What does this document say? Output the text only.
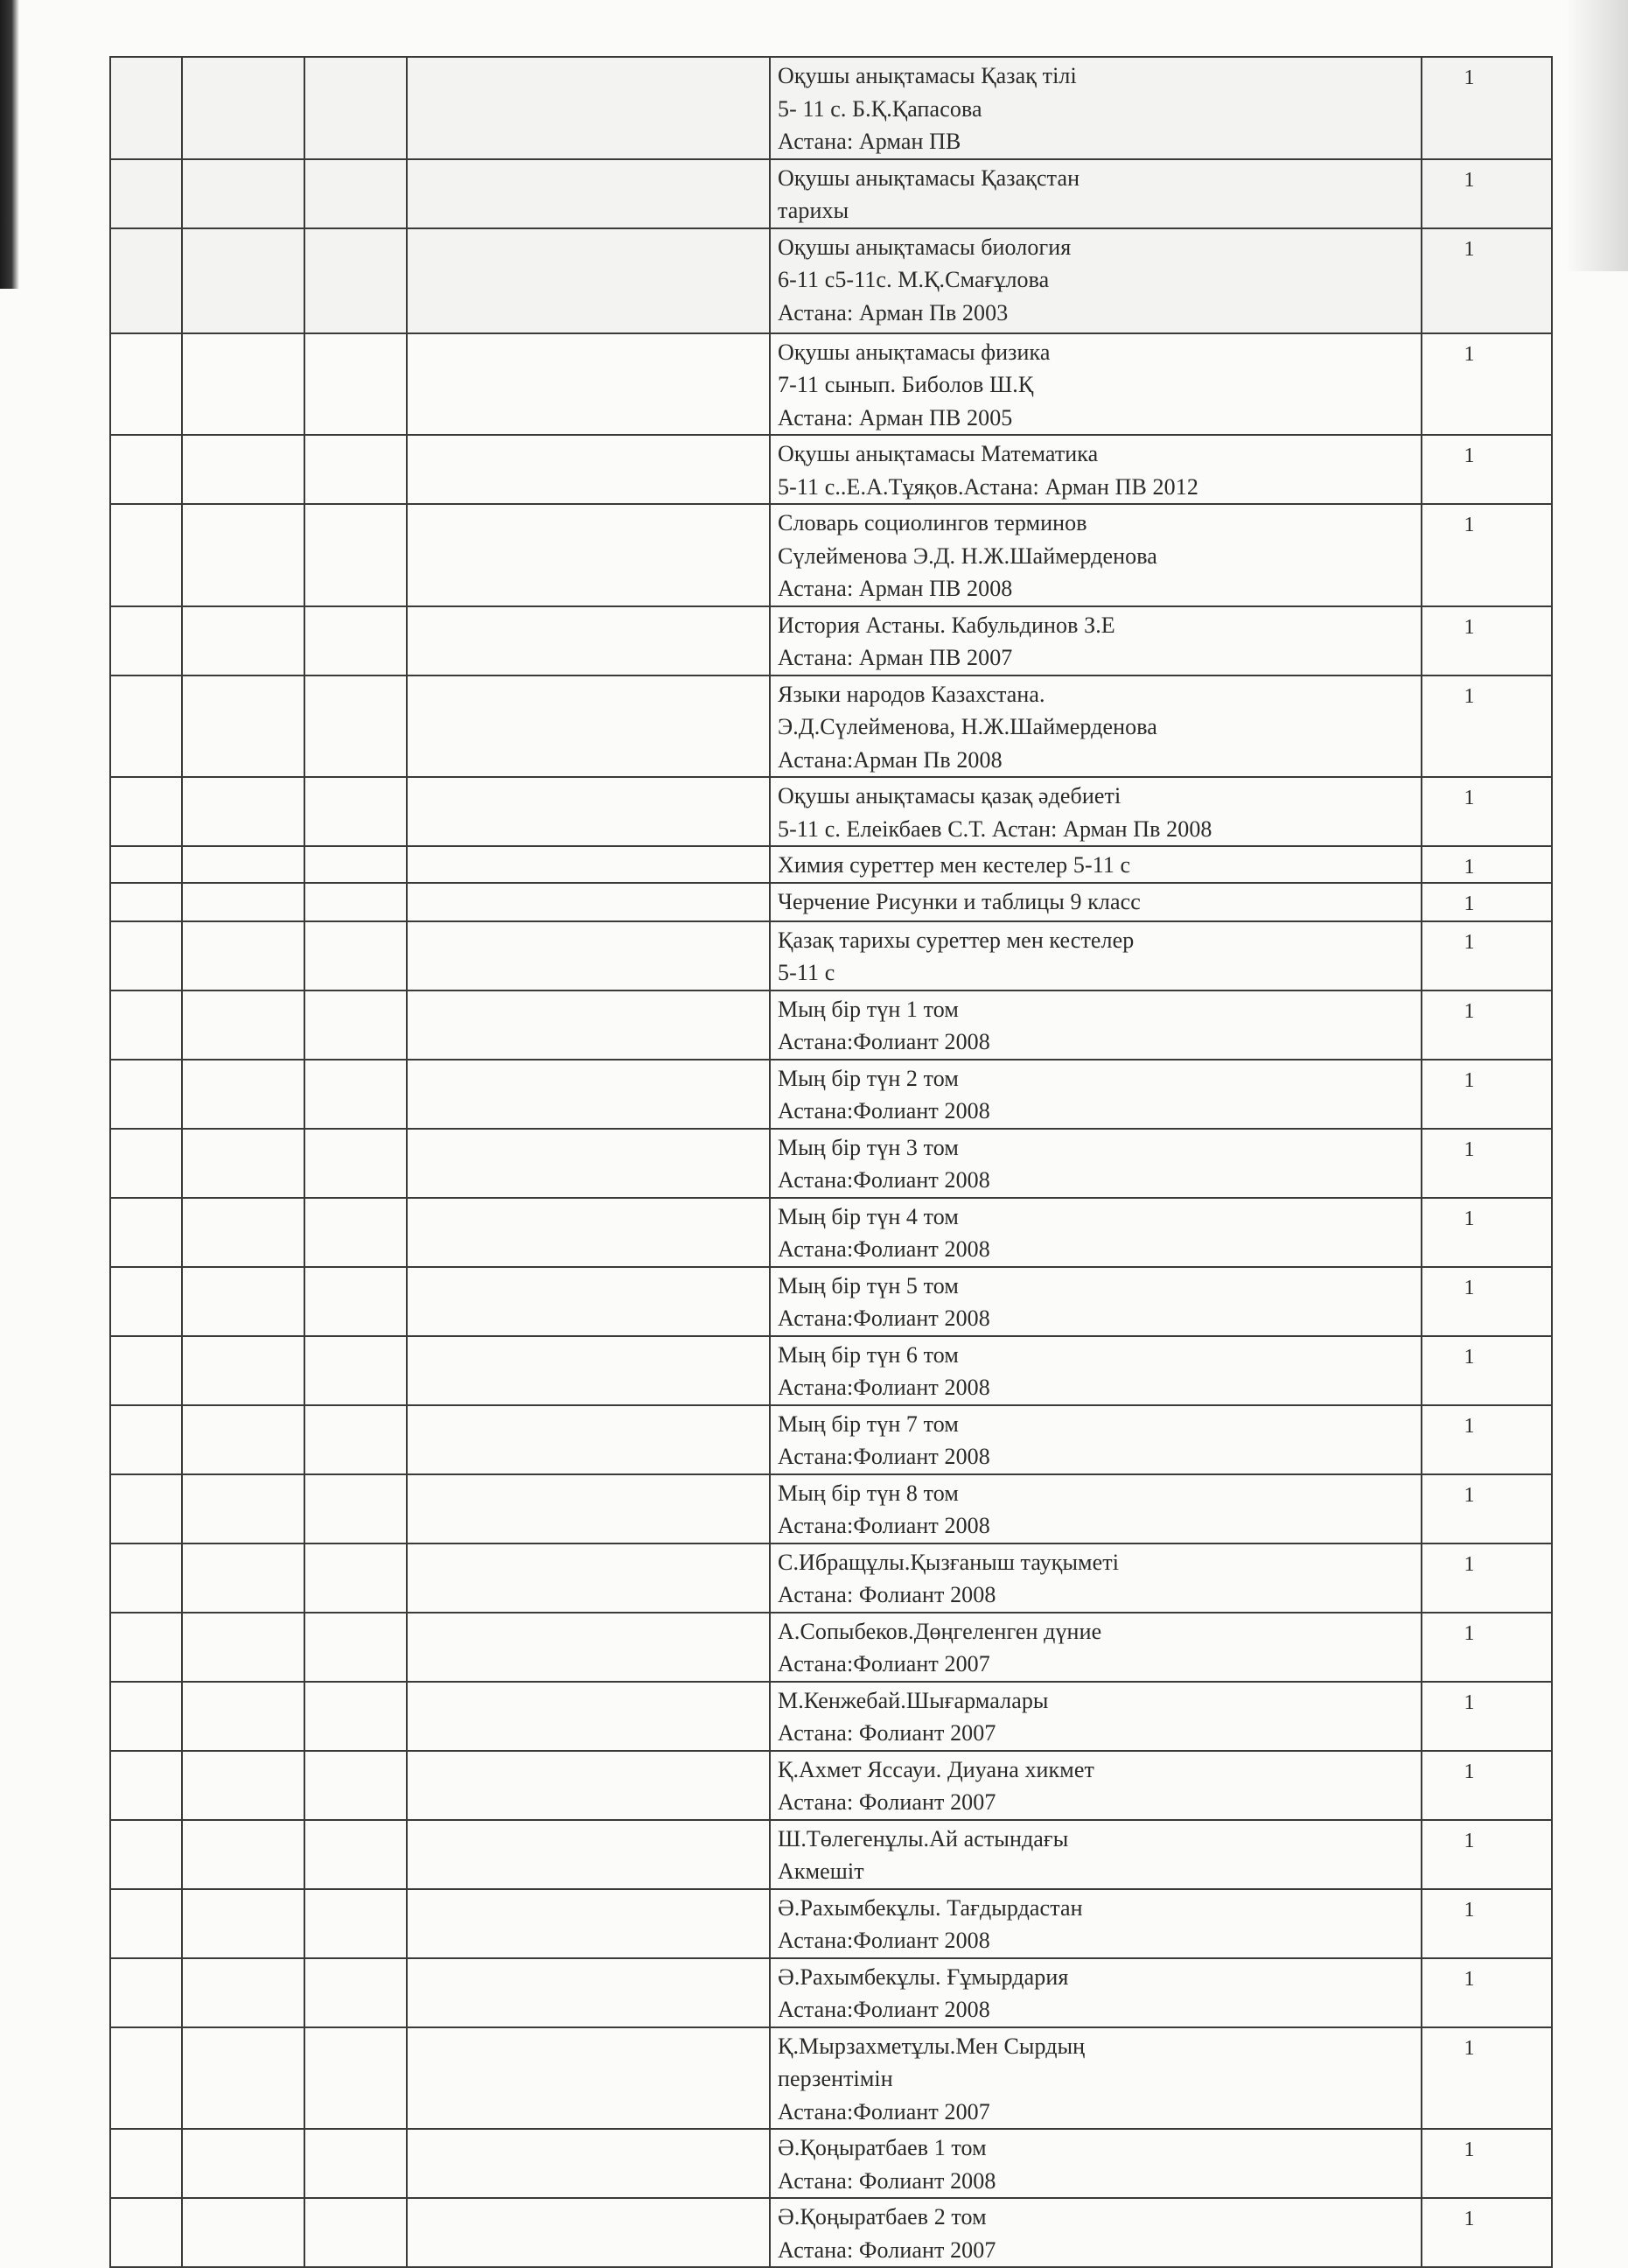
				Оқушы анықтамасы Қазақ тілі
5- 11 с. Б.Қ.Қапасова
Астана: Арман ПВ	1

				Оқушы анықтамасы Қазақстан
тарихы	1

				Оқушы анықтамасы биология
6-11 с5-11с. М.Қ.Смағұлова
Астана: Арман Пв 2003	1

				Оқушы анықтамасы физика
7-11 сынып. Биболов Ш.Қ
Астана: Арман ПВ 2005	1

				Оқушы анықтамасы Математика
5-11 с..Е.А.Тұяқов.Астана: Арман ПВ 2012	1

				Словарь социолингов терминов
Сүлейменова Э.Д. Н.Ж.Шаймерденова
Астана: Арман ПВ 2008	1

				История Астаны. Кабульдинов З.Е
Астана: Арман ПВ 2007	1

				Языки народов Казахстана.
Э.Д.Сүлейменова, Н.Ж.Шаймерденова
Астана:Арман Пв 2008	1

				Оқушы анықтамасы қазақ әдебиеті
5-11 с. Елеікбаев С.Т. Астан: Арман Пв 2008	1

				Химия суреттер мен кестелер 5-11 с	1

				Черчение Рисунки и таблицы 9 класс	1

				Қазақ тарихы суреттер мен кестелер
5-11 с	1

				Мың бір түн 1 том
Астана:Фолиант 2008	1

				Мың бір түн 2 том
Астана:Фолиант 2008	1

				Мың бір түн 3 том
Астана:Фолиант 2008	1

				Мың бір түн 4 том
Астана:Фолиант 2008	1

				Мың бір түн 5 том
Астана:Фолиант 2008	1

				Мың бір түн 6 том
Астана:Фолиант 2008	1

				Мың бір түн 7 том
Астана:Фолиант 2008	1

				Мың бір түн 8 том
Астана:Фолиант 2008	1

				С.Ибращұлы.Қызғаныш тауқыметі
Астана: Фолиант 2008	1

				А.Сопыбеков.Дөңгеленген дүние
Астана:Фолиант 2007	1

				М.Кенжебай.Шығармалары
Астана: Фолиант 2007	1

				Қ.Ахмет Яссауи. Диуана хикмет
Астана: Фолиант 2007	1

				Ш.Төлегенұлы.Ай астындағы
Акмешіт	1

				Ә.Рахымбекұлы. Тағдырдастан
Астана:Фолиант 2008	1

				Ә.Рахымбекұлы. Ғұмырдария
Астана:Фолиант 2008	1

				Қ.Мырзахметұлы.Мен Сырдың
перзентімін
Астана:Фолиант 2007	1

				Ә.Қоңыратбаев 1 том
Астана: Фолиант 2008	1

				Ә.Қоңыратбаев 2 том
Астана: Фолиант 2007	1
